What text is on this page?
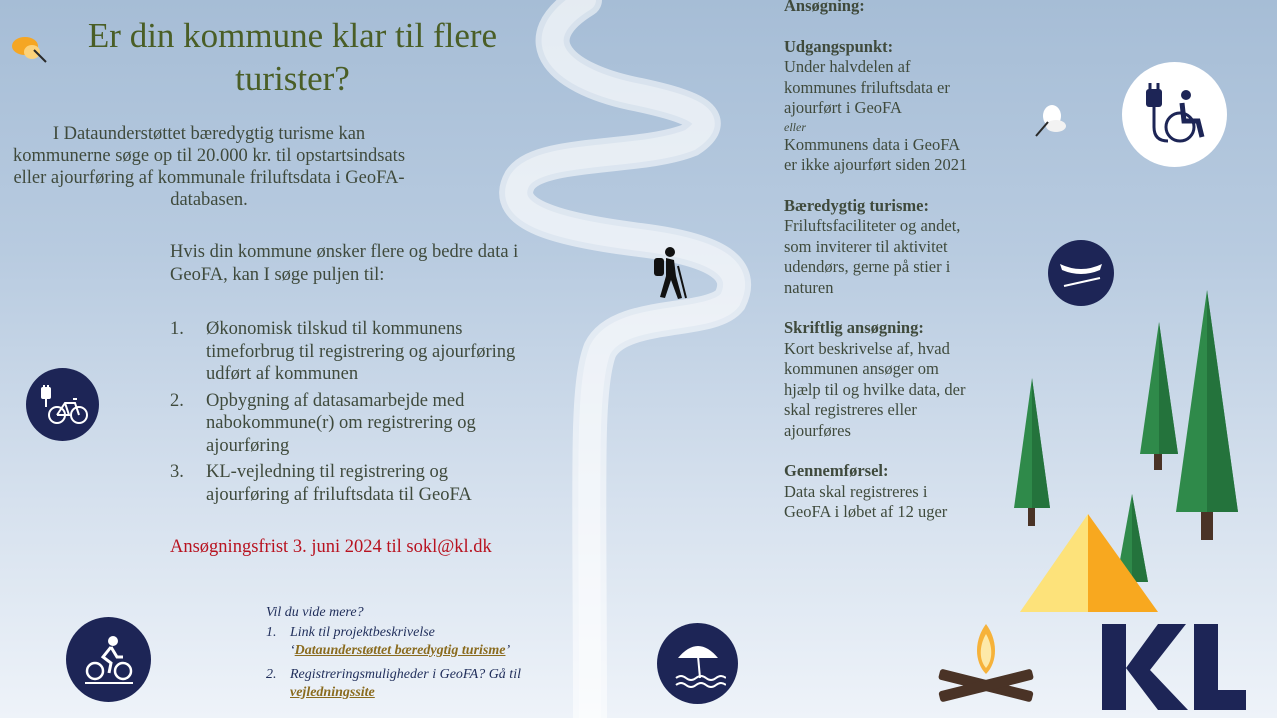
Er din kommune klar til flere turister?
I Dataunderstøttet bæredygtig turisme kan kommunerne søge op til 20.000 kr. til opstartsindsats eller ajourføring af kommunale friluftsdata i GeoFA-databasen.
Hvis din kommune ønsker flere og bedre data i GeoFA, kan I søge puljen til:
1. Økonomisk tilskud til kommunens timeforbrug til registrering og ajourføring udført af kommunen
2. Opbygning af datasamarbejde med nabokommune(r) om registrering og ajourføring
3. KL-vejledning til registrering og ajourføring af friluftsdata til GeoFA
Ansøgningsfrist 3. juni 2024 til sokl@kl.dk
Vil du vide mere?
1. Link til projektbeskrivelse ‘Dataunderstøttet bæredygtig turisme’
2. Registreringsmuligheder i GeoFA? Gå til vejledningssite
Ansøgning:
Udgangspunkt:
Under halvdelen af kommunes friluftsdata er ajourført i GeoFA
eller
Kommunens data i GeoFA er ikke ajourført siden 2021
Bæredygtig turisme:
Friluftsfaciliteter og andet, som inviterer til aktivitet udendørs, gerne på stier i naturen
Skriftlig ansøgning:
Kort beskrivelse af, hvad kommunen ansøger om hjælp til og hvilke data, der skal registreres eller ajourføres
Gennemførsel:
Data skal registreres i GeoFA i løbet af 12 uger
